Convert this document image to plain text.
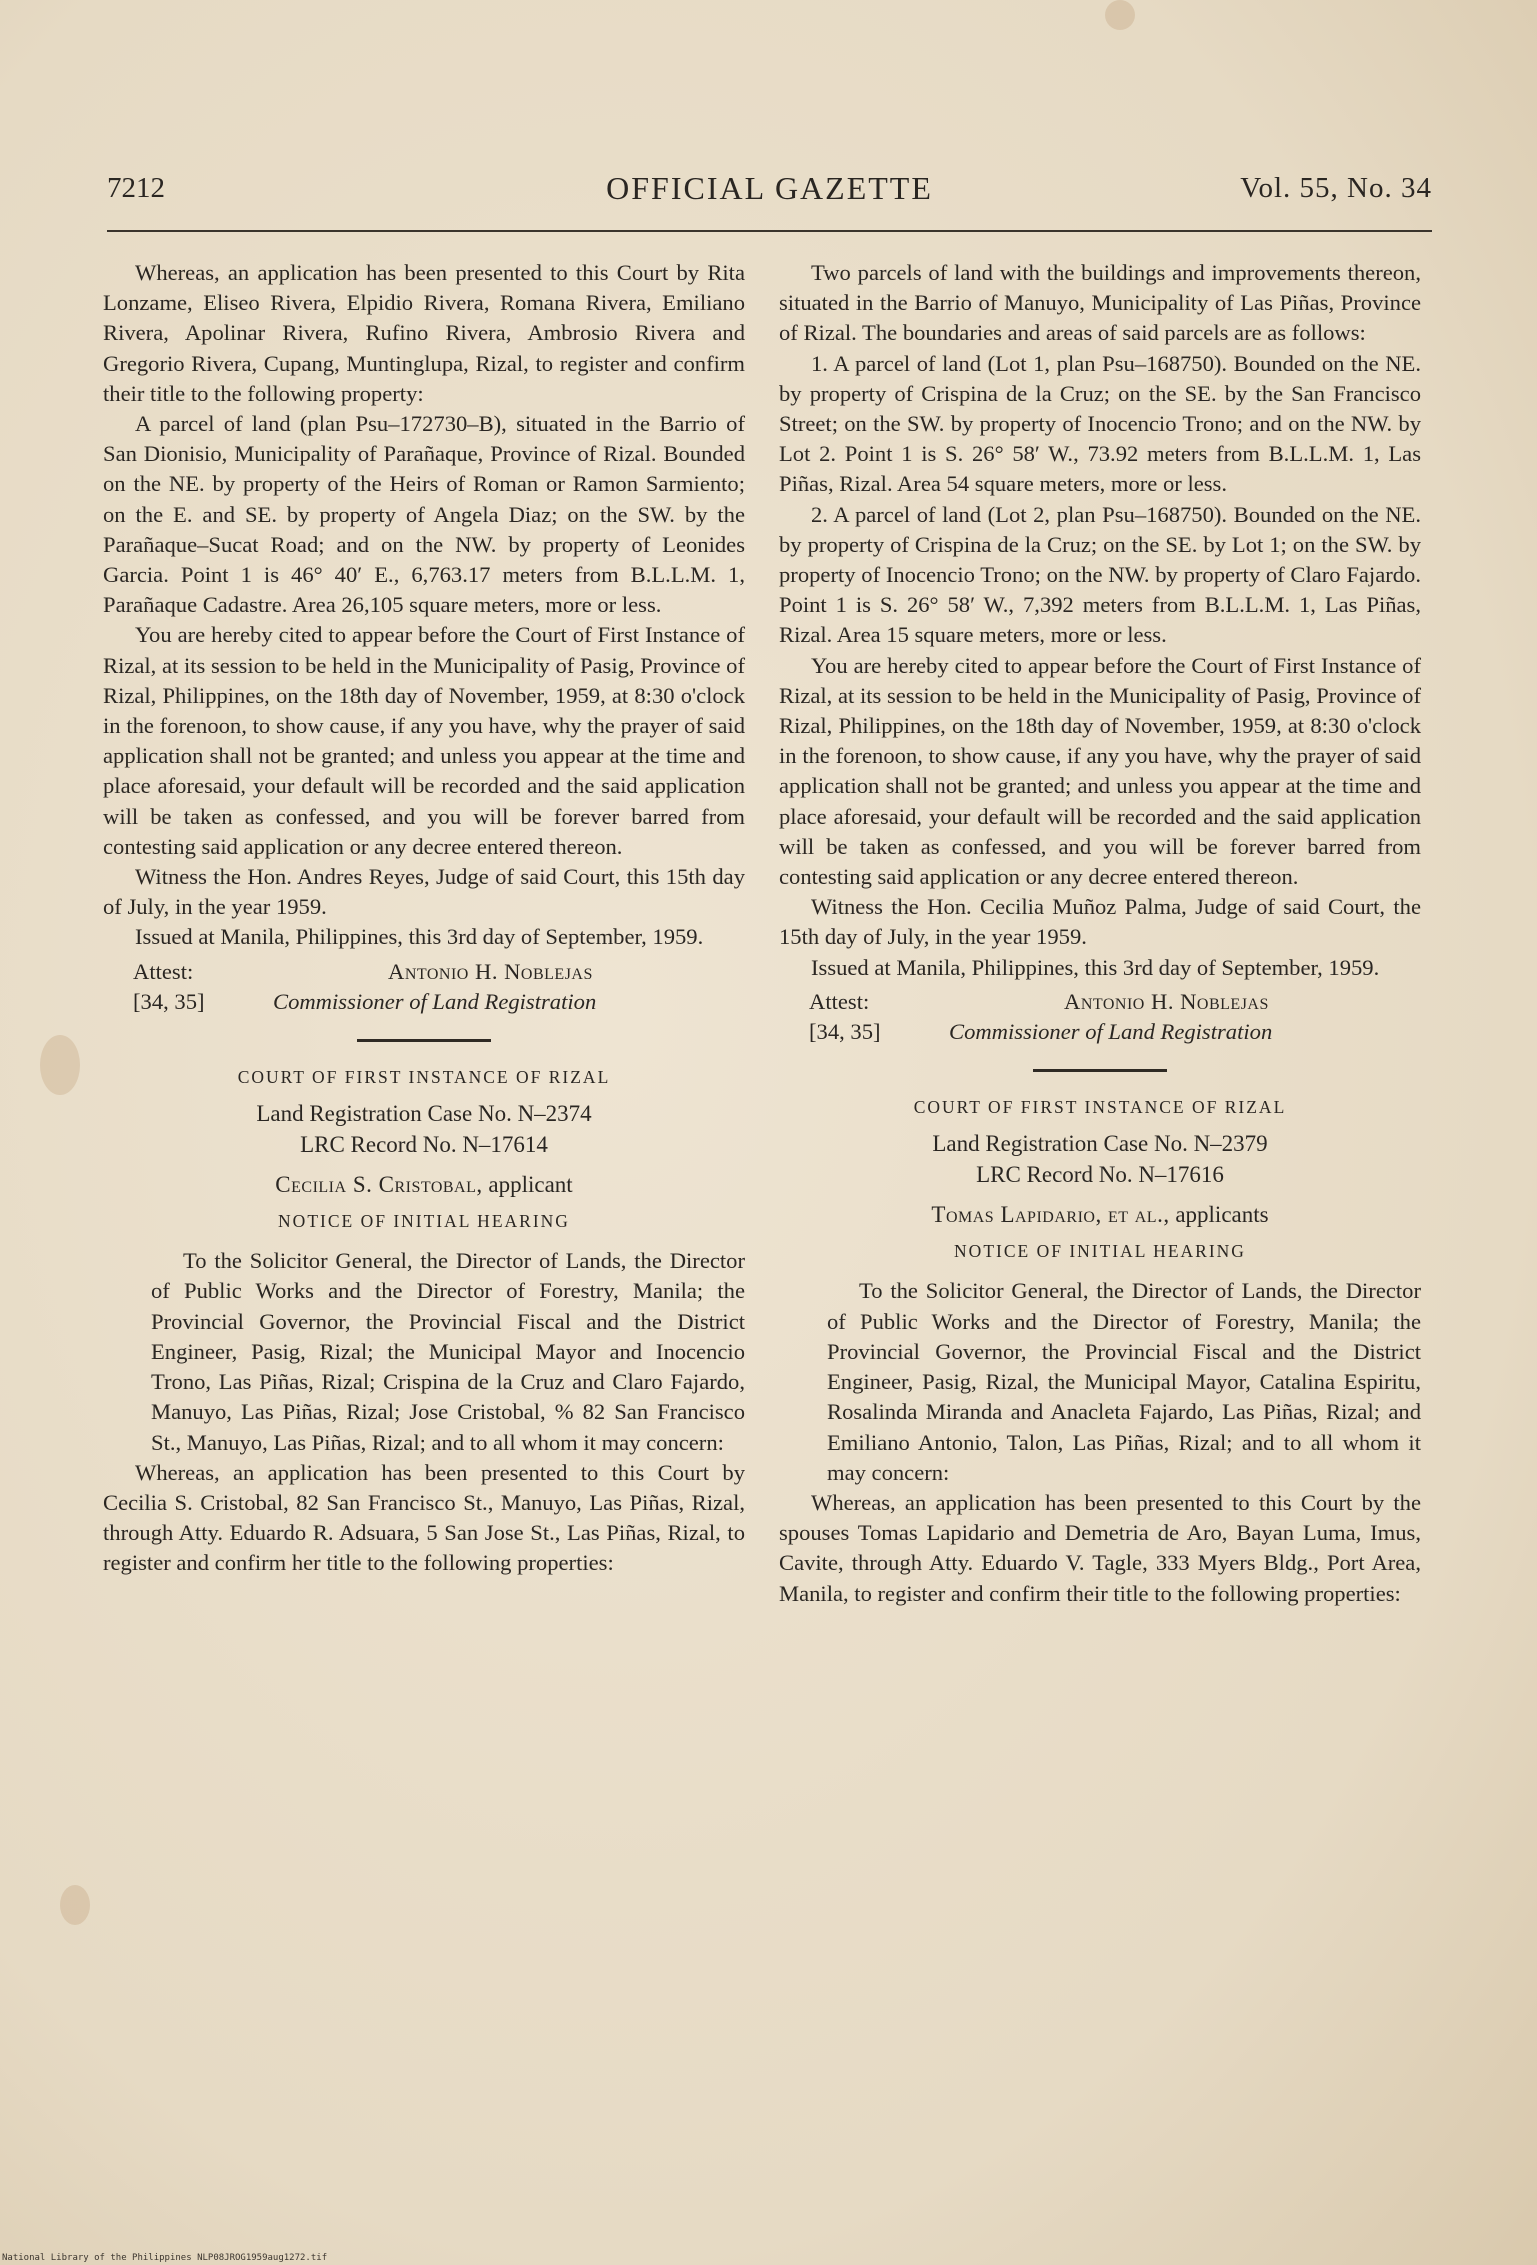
7212	OFFICIAL GAZETTE	Vol. 55, No. 34

Whereas, an application has been presented to this Court by Rita Lonzame, Eliseo Rivera, Elpidio Rivera, Romana Rivera, Emiliano Rivera, Apolinar Rivera, Rufino Rivera, Ambrosio Rivera and Gregorio Rivera, Cupang, Muntinglupa, Rizal, to register and confirm their title to the following property:

A parcel of land (plan Psu–172730–B), situated in the Barrio of San Dionisio, Municipality of Parañaque, Province of Rizal. Bounded on the NE. by property of the Heirs of Roman or Ramon Sarmiento; on the E. and SE. by property of Angela Diaz; on the SW. by the Parañaque–Sucat Road; and on the NW. by property of Leonides Garcia. Point 1 is 46° 40′ E., 6,763.17 meters from B.L.L.M. 1, Parañaque Cadastre. Area 26,105 square meters, more or less.

You are hereby cited to appear before the Court of First Instance of Rizal, at its session to be held in the Municipality of Pasig, Province of Rizal, Philippines, on the 18th day of November, 1959, at 8:30 o'clock in the forenoon, to show cause, if any you have, why the prayer of said application shall not be granted; and unless you appear at the time and place aforesaid, your default will be recorded and the said application will be taken as confessed, and you will be forever barred from contesting said application or any decree entered thereon.

Witness the Hon. Andres Reyes, Judge of said Court, this 15th day of July, in the year 1959.

Issued at Manila, Philippines, this 3rd day of September, 1959.

Attest:
[34, 35]
Antonio H. Noblejas
Commissioner of Land Registration
COURT OF FIRST INSTANCE OF RIZAL
Land Registration Case No. N–2374
LRC Record No. N–17614
Cecilia S. Cristobal, applicant
NOTICE OF INITIAL HEARING

To the Solicitor General, the Director of Lands, the Director of Public Works and the Director of Forestry, Manila; the Provincial Governor, the Provincial Fiscal and the District Engineer, Pasig, Rizal; the Municipal Mayor and Inocencio Trono, Las Piñas, Rizal; Crispina de la Cruz and Claro Fajardo, Manuyo, Las Piñas, Rizal; Jose Cristobal, % 82 San Francisco St., Manuyo, Las Piñas, Rizal; and to all whom it may concern:

Whereas, an application has been presented to this Court by Cecilia S. Cristobal, 82 San Francisco St., Manuyo, Las Piñas, Rizal, through Atty. Eduardo R. Adsuara, 5 San Jose St., Las Piñas, Rizal, to register and confirm her title to the following properties:

Two parcels of land with the buildings and improvements thereon, situated in the Barrio of Manuyo, Municipality of Las Piñas, Province of Rizal. The boundaries and areas of said parcels are as follows:

1. A parcel of land (Lot 1, plan Psu–168750). Bounded on the NE. by property of Crispina de la Cruz; on the SE. by the San Francisco Street; on the SW. by property of Inocencio Trono; and on the NW. by Lot 2. Point 1 is S. 26° 58′ W., 73.92 meters from B.L.L.M. 1, Las Piñas, Rizal. Area 54 square meters, more or less.

2. A parcel of land (Lot 2, plan Psu–168750). Bounded on the NE. by property of Crispina de la Cruz; on the SE. by Lot 1; on the SW. by property of Inocencio Trono; on the NW. by property of Claro Fajardo. Point 1 is S. 26° 58′ W., 7,392 meters from B.L.L.M. 1, Las Piñas, Rizal. Area 15 square meters, more or less.

You are hereby cited to appear before the Court of First Instance of Rizal, at its session to be held in the Municipality of Pasig, Province of Rizal, Philippines, on the 18th day of November, 1959, at 8:30 o'clock in the forenoon, to show cause, if any you have, why the prayer of said application shall not be granted; and unless you appear at the time and place aforesaid, your default will be recorded and the said application will be taken as confessed, and you will be forever barred from contesting said application or any decree entered thereon.

Witness the Hon. Cecilia Muñoz Palma, Judge of said Court, the 15th day of July, in the year 1959.

Issued at Manila, Philippines, this 3rd day of September, 1959.

Attest:
[34, 35]
Antonio H. Noblejas
Commissioner of Land Registration
COURT OF FIRST INSTANCE OF RIZAL
Land Registration Case No. N–2379
LRC Record No. N–17616
Tomas Lapidario, et al., applicants
NOTICE OF INITIAL HEARING

To the Solicitor General, the Director of Lands, the Director of Public Works and the Director of Forestry, Manila; the Provincial Governor, the Provincial Fiscal and the District Engineer, Pasig, Rizal, the Municipal Mayor, Catalina Espiritu, Rosalinda Miranda and Anacleta Fajardo, Las Piñas, Rizal; and Emiliano Antonio, Talon, Las Piñas, Rizal; and to all whom it may concern:

Whereas, an application has been presented to this Court by the spouses Tomas Lapidario and Demetria de Aro, Bayan Luma, Imus, Cavite, through Atty. Eduardo V. Tagle, 333 Myers Bldg., Port Area, Manila, to register and confirm their title to the following properties:

National Library of the Philippines NLP08JROG1959aug1272.tif
